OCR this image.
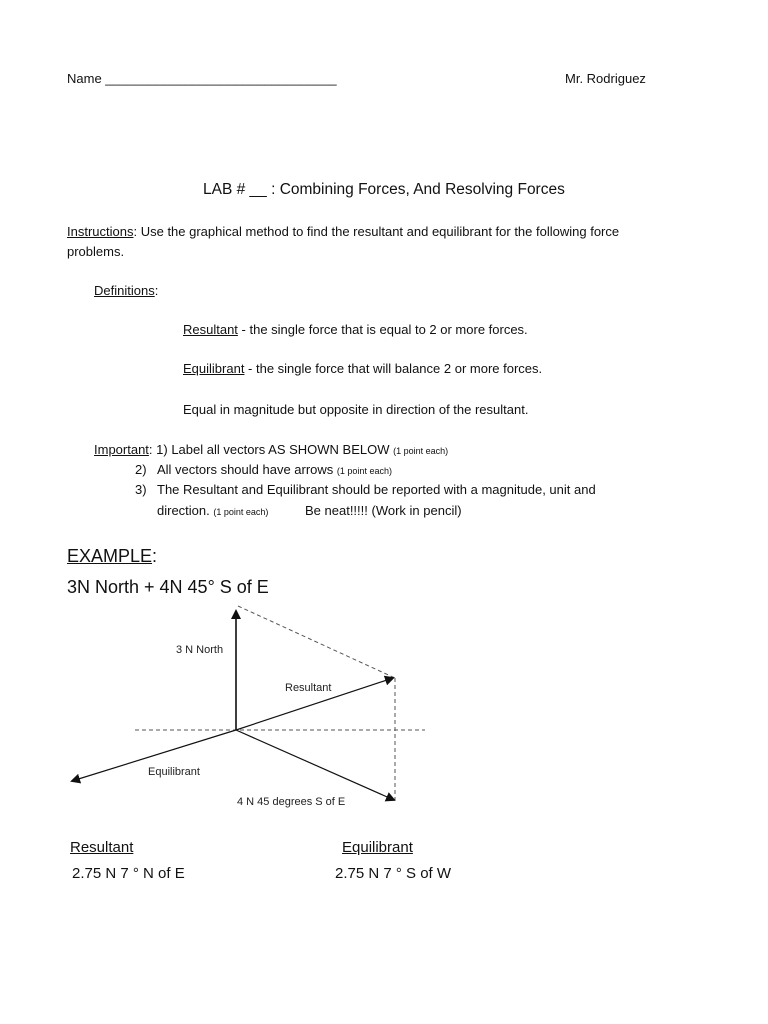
Name ________________________________	Mr. Rodriguez
LAB # __ : Combining Forces, And Resolving Forces
Instructions: Use the graphical method to find the resultant and equilibrant for the following force
problems.
Definitions:
Resultant - the single force that is equal to 2 or more forces.
Equilibrant - the single force that will balance 2 or more forces.
Equal in magnitude but opposite in direction of the resultant.
Important: 1) Label all vectors AS SHOWN BELOW (1 point each)
2) All vectors should have arrows (1 point each)
3) The Resultant and Equilibrant should be reported with a magnitude, unit and
direction. (1 point each)	Be neat!!!!! (Work in pencil)
EXAMPLE:
3N North + 4N 45° S of E
3 N North
Resultant
Equilibrant
4 N 45 degrees S of E
Resultant
2.75 N 7 ° N of E
Equilibrant
2.75 N 7 ° S of W
